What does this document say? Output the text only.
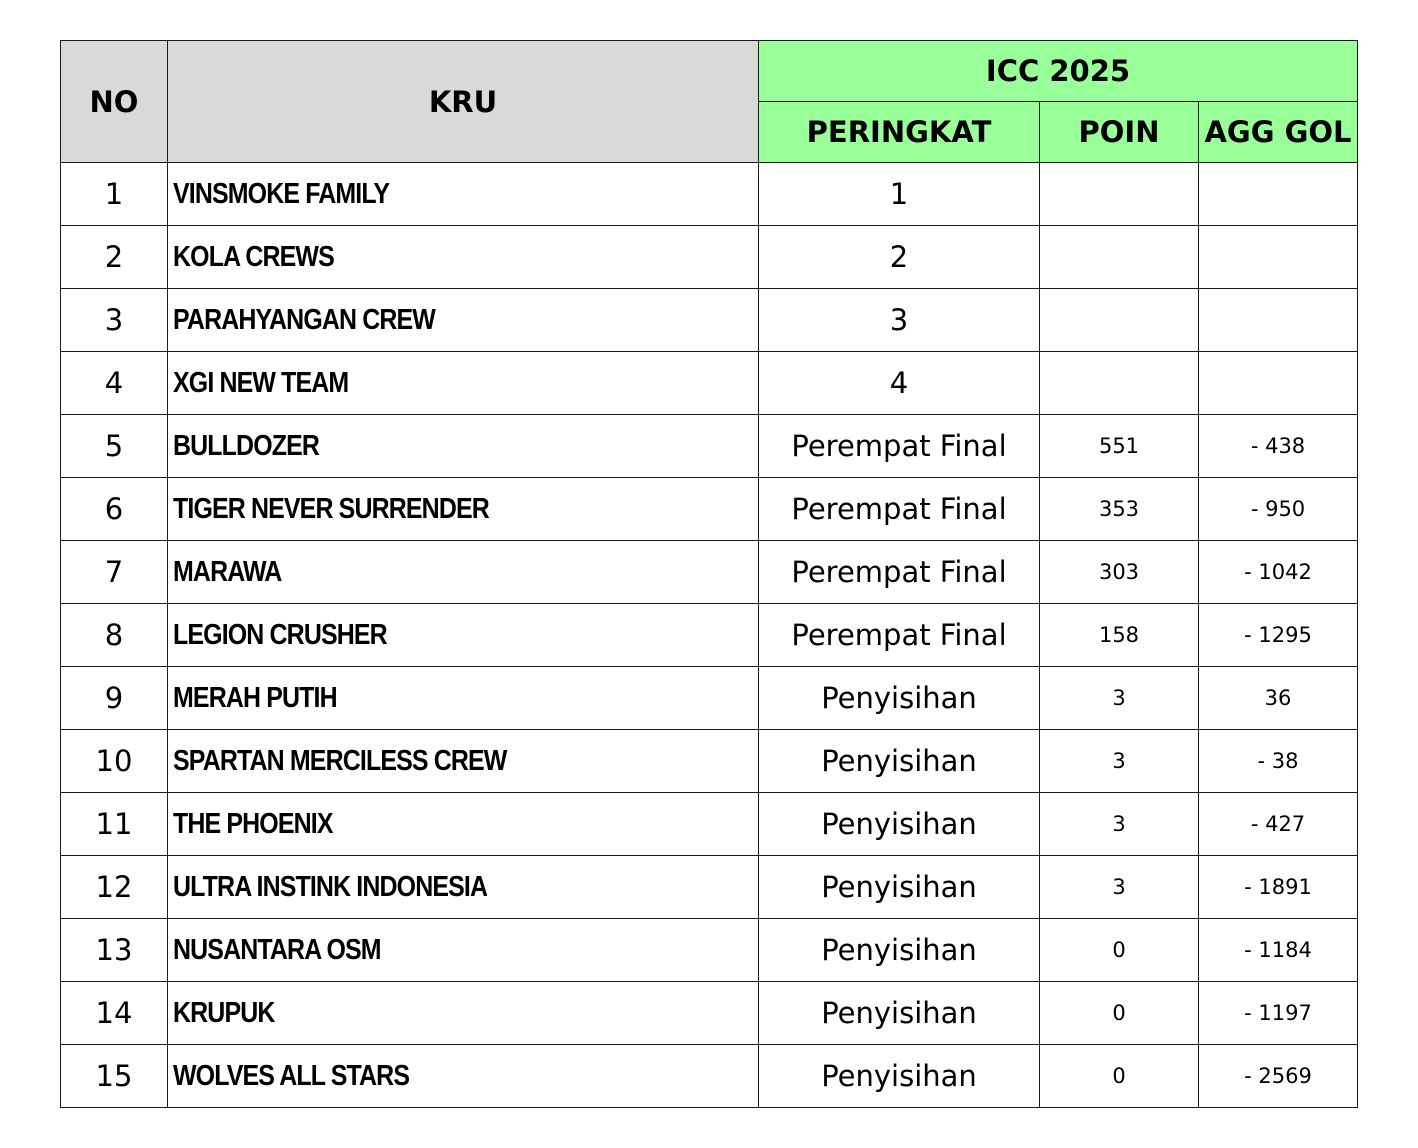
NO	KRU	ICC 2025		
		PERINGKAT	POIN	AGG GOL
1	VINSMOKE FAMILY	1		
2	KOLA CREWS	2		
3	PARAHYANGAN CREW	3		
4	XGI NEW TEAM	4		
5	BULLDOZER	Perempat Final	551	- 438
6	TIGER NEVER SURRENDER	Perempat Final	353	- 950
7	MARAWA	Perempat Final	303	- 1042
8	LEGION CRUSHER	Perempat Final	158	- 1295
9	MERAH PUTIH	Penyisihan	3	36
10	SPARTAN MERCILESS CREW	Penyisihan	3	- 38
11	THE PHOENIX	Penyisihan	3	- 427
12	ULTRA INSTINK INDONESIA	Penyisihan	3	- 1891
13	NUSANTARA OSM	Penyisihan	0	- 1184
14	KRUPUK	Penyisihan	0	- 1197
15	WOLVES ALL STARS	Penyisihan	0	- 2569
